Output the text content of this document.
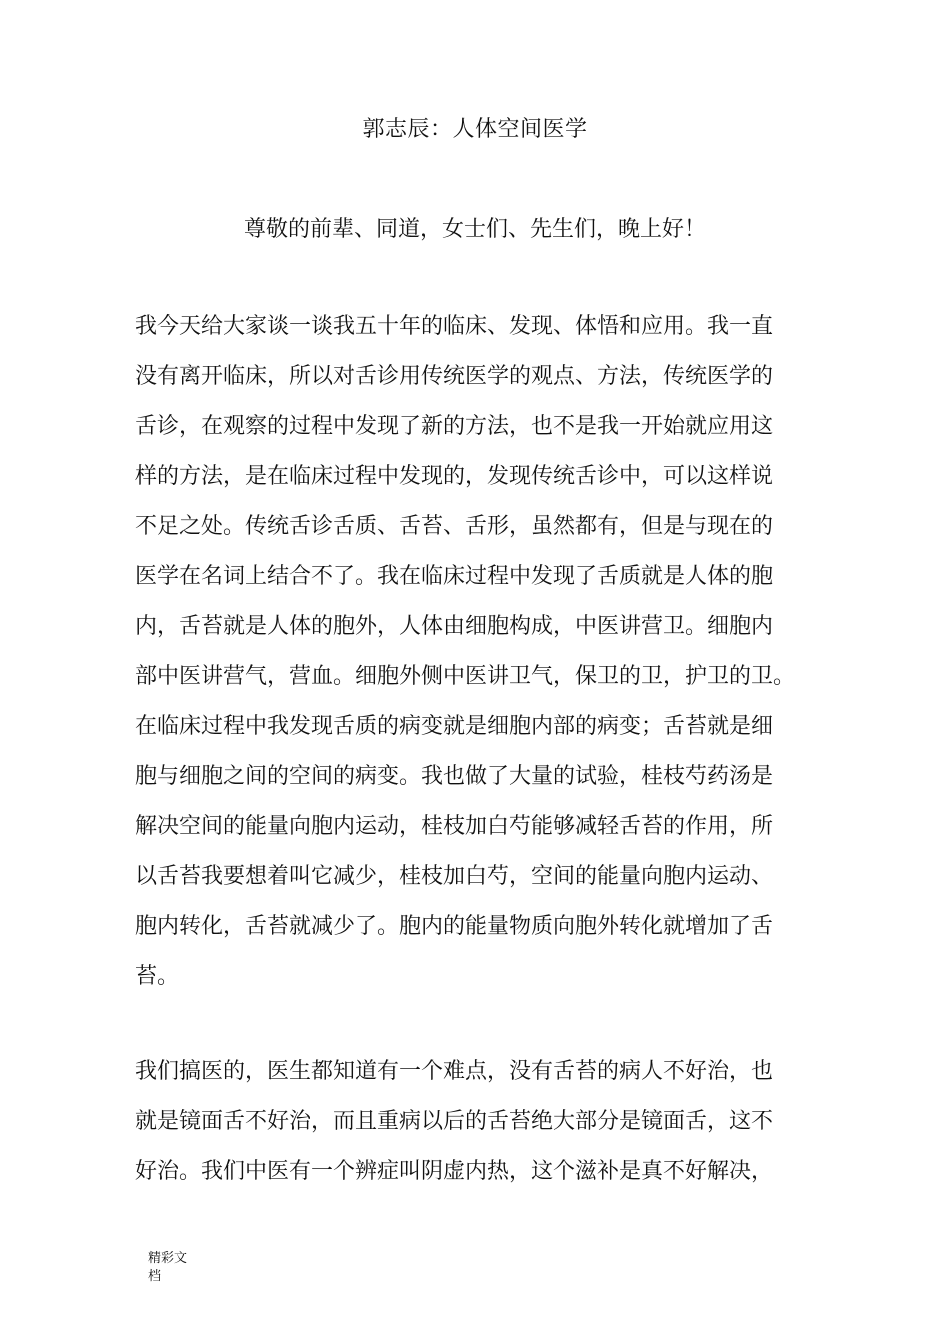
郭志辰：人体空间医学
尊敬的前辈、同道，女士们、先生们，晚上好！
我今天给大家谈一谈我五十年的临床、发现、体悟和应用。我一直
没有离开临床，所以对舌诊用传统医学的观点、方法，传统医学的
舌诊，在观察的过程中发现了新的方法，也不是我一开始就应用这
样的方法，是在临床过程中发现的，发现传统舌诊中，可以这样说
不足之处。传统舌诊舌质、舌苔、舌形，虽然都有，但是与现在的
医学在名词上结合不了。我在临床过程中发现了舌质就是人体的胞
内，舌苔就是人体的胞外，人体由细胞构成，中医讲营卫。细胞内
部中医讲营气，营血。细胞外侧中医讲卫气，保卫的卫，护卫的卫。
在临床过程中我发现舌质的病变就是细胞内部的病变；舌苔就是细
胞与细胞之间的空间的病变。我也做了大量的试验，桂枝芍药汤是
解决空间的能量向胞内运动，桂枝加白芍能够减轻舌苔的作用，所
以舌苔我要想着叫它减少，桂枝加白芍，空间的能量向胞内运动、
胞内转化，舌苔就减少了。胞内的能量物质向胞外转化就增加了舌
苔。
我们搞医的，医生都知道有一个难点，没有舌苔的病人不好治，也
就是镜面舌不好治，而且重病以后的舌苔绝大部分是镜面舌，这不
好治。我们中医有一个辨症叫阴虚内热，这个滋补是真不好解决，
精彩文
档
